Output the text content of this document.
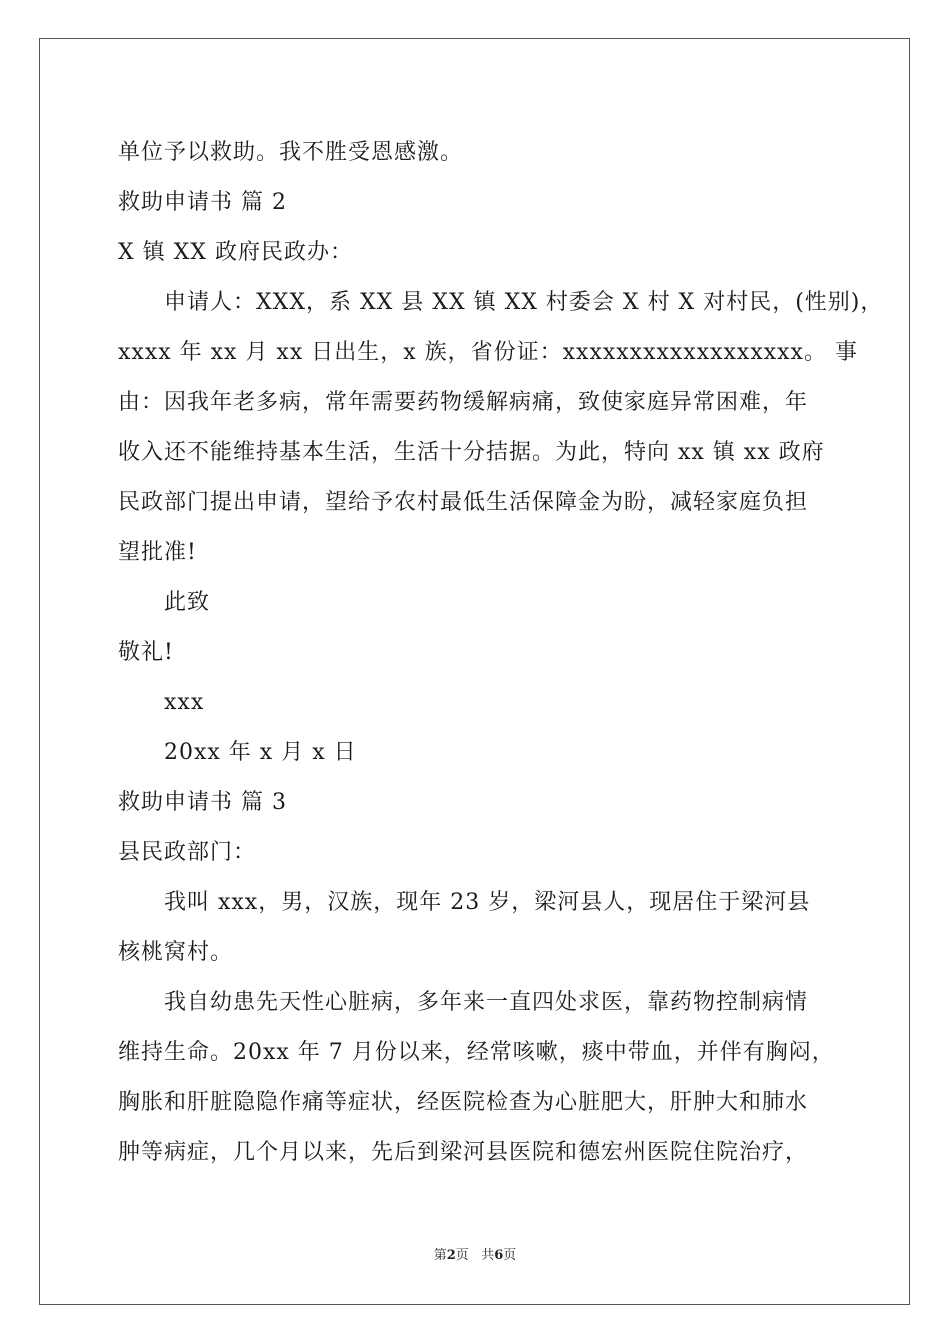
单位予以救助。我不胜受恩感激。
救助申请书 篇 2
X 镇 XX 政府民政办：
申请人：XXX，系 XX 县 XX 镇 XX 村委会 X 村 X 对村民，(性别)，
xxxx 年 xx 月 xx 日出生，x 族，省份证：xxxxxxxxxxxxxxxxxx。 事
由：因我年老多病，常年需要药物缓解病痛，致使家庭异常困难，年
收入还不能维持基本生活，生活十分拮据。为此，特向 xx 镇 xx 政府
民政部门提出申请，望给予农村最低生活保障金为盼，减轻家庭负担
望批准!
此致
敬礼!
xxx
20xx 年 x 月 x 日
救助申请书 篇 3
县民政部门：
我叫 xxx，男，汉族，现年 23 岁，梁河县人，现居住于梁河县
核桃窝村。
我自幼患先天性心脏病，多年来一直四处求医，靠药物控制病情
维持生命。20xx 年 7 月份以来，经常咳嗽，痰中带血，并伴有胸闷，
胸胀和肝脏隐隐作痛等症状，经医院检查为心脏肥大，肝肿大和肺水
肿等病症，几个月以来，先后到梁河县医院和德宏州医院住院治疗，
第2页 共6页
